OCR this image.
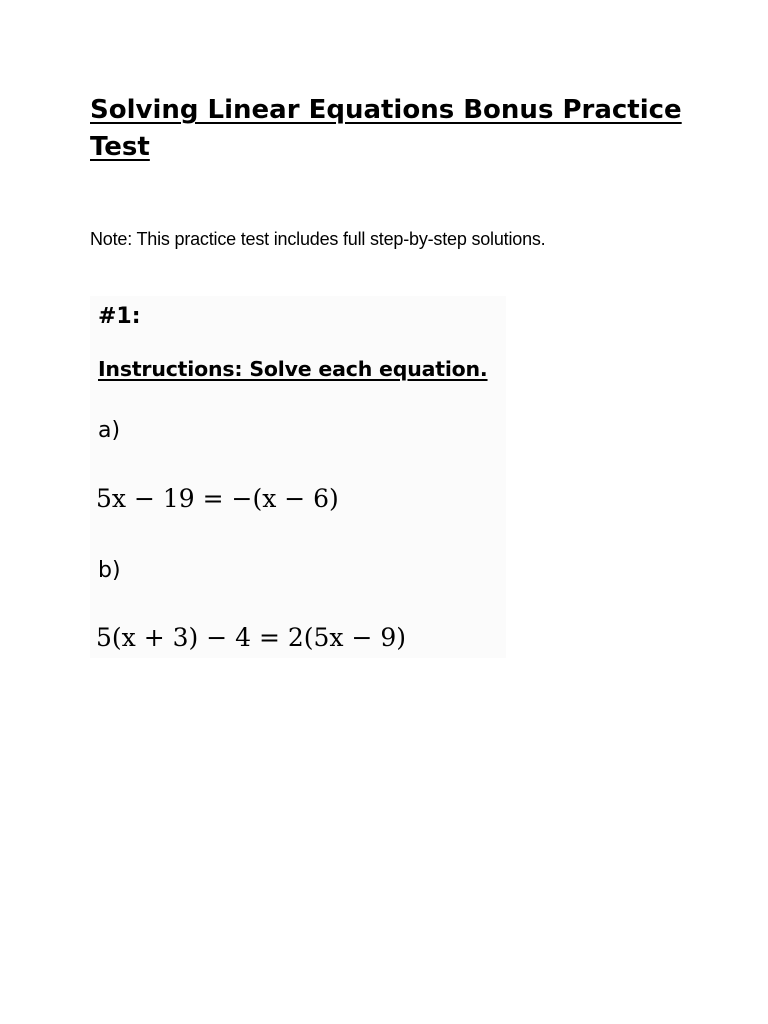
Solving Linear Equations Bonus Practice Test

Note: This practice test includes full step-by-step solutions.

#1:

Instructions: Solve each equation.

a)

5x − 19 = −(x − 6)

b)

5(x + 3) − 4 = 2(5x − 9)
